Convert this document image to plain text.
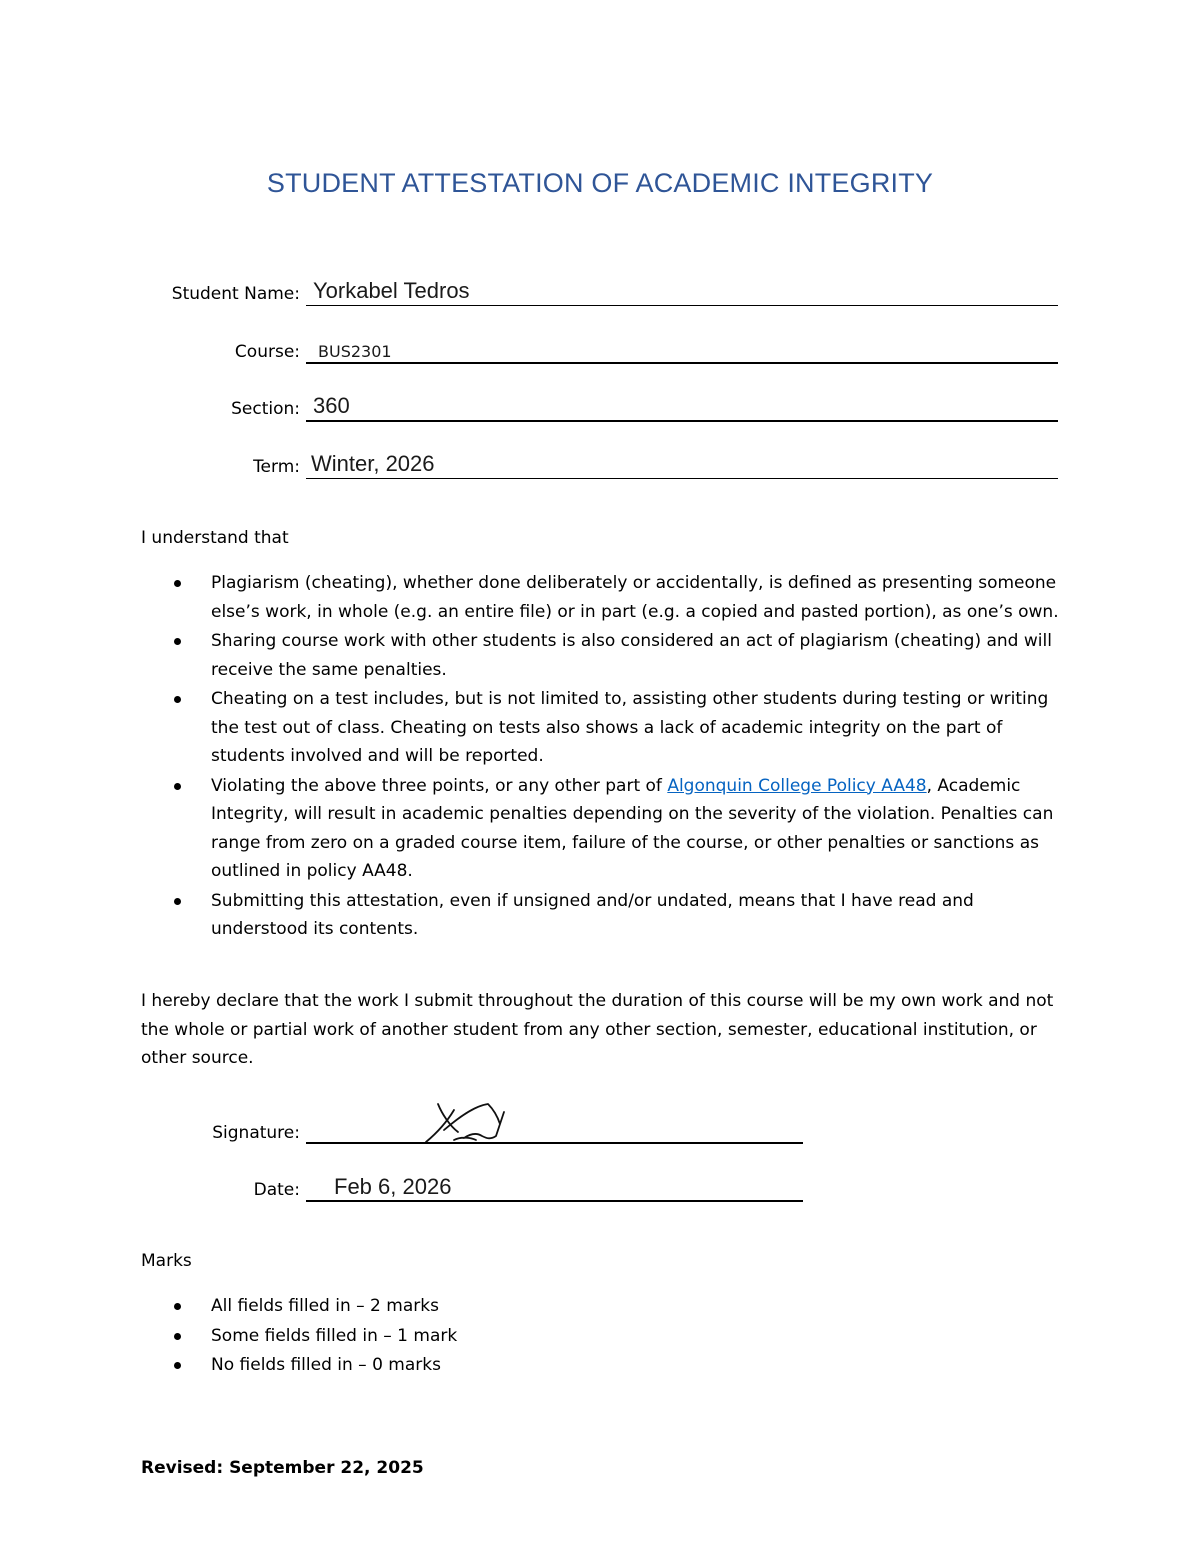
STUDENT ATTESTATION OF ACADEMIC INTEGRITY
Student Name: Yorkabel Tedros
Course: BUS2301
Section: 360
Term: Winter, 2026
I understand that
Plagiarism (cheating), whether done deliberately or accidentally, is defined as presenting someone else’s work, in whole (e.g. an entire file) or in part (e.g. a copied and pasted portion), as one’s own.
Sharing course work with other students is also considered an act of plagiarism (cheating) and will receive the same penalties.
Cheating on a test includes, but is not limited to, assisting other students during testing or writing the test out of class. Cheating on tests also shows a lack of academic integrity on the part of students involved and will be reported.
Violating the above three points, or any other part of Algonquin College Policy AA48, Academic Integrity, will result in academic penalties depending on the severity of the violation. Penalties can range from zero on a graded course item, failure of the course, or other penalties or sanctions as outlined in policy AA48.
Submitting this attestation, even if unsigned and/or undated, means that I have read and understood its contents.
I hereby declare that the work I submit throughout the duration of this course will be my own work and not the whole or partial work of another student from any other section, semester, educational institution, or other source.
Signature:
Date: Feb 6, 2026
Marks
All fields filled in – 2 marks
Some fields filled in – 1 mark
No fields filled in – 0 marks
Revised: September 22, 2025
